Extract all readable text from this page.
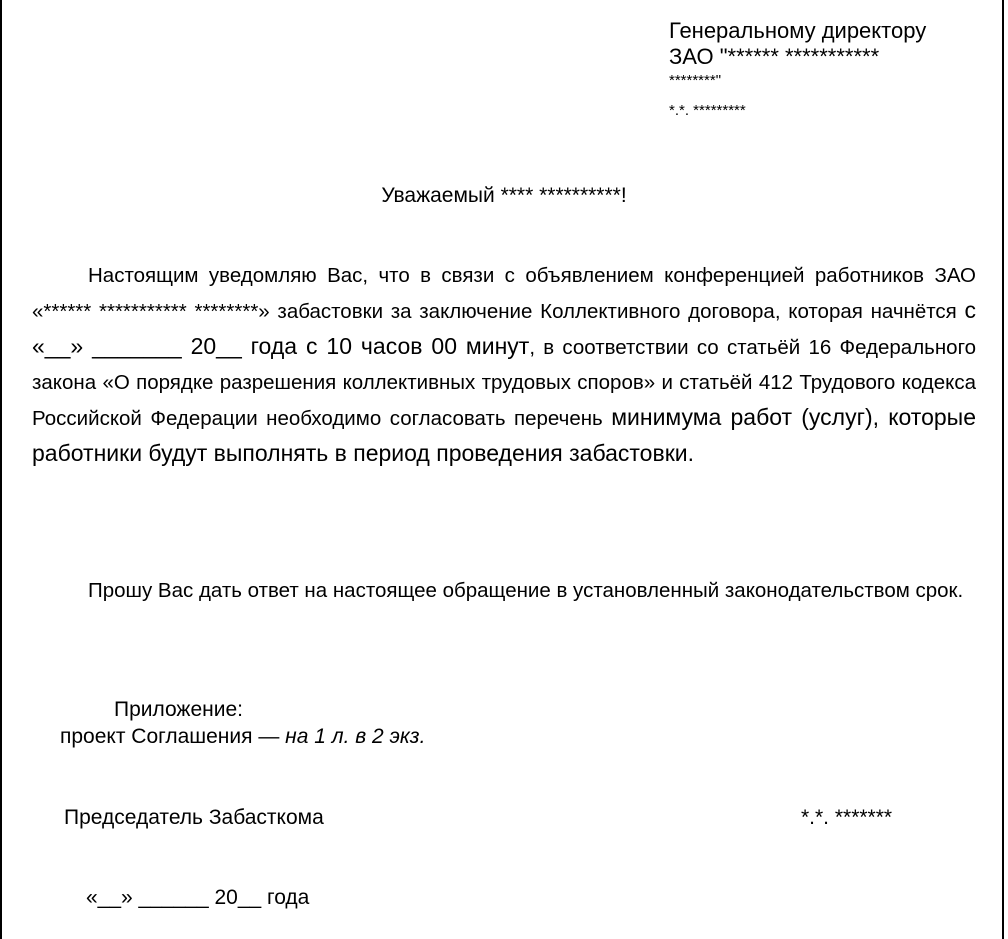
Генеральному директору
ЗАО "****** ***********
********"
*.*. *********
Уважаемый **** **********!
Настоящим уведомляю Вас, что в связи с объявлением конференцией работников ЗАО «****** *********** ********» забастовки за заключение Коллективного договора, которая начнётся с «__» _______ 20__ года с 10 часов 00 минут, в соответствии со статьёй 16 Федерального закона «О порядке разрешения коллективных трудовых споров» и статьёй 412 Трудового кодекса Российской Федерации необходимо согласовать перечень минимума работ (услуг), которые работники будут выполнять в период проведения забастовки.
Прошу Вас дать ответ на настоящее обращение в установленный законодательством срок.
Приложение:
проект Соглашения — на 1 л. в 2 экз.
Председатель Забасткома	*.*. *******
«__» ______ 20__ года
